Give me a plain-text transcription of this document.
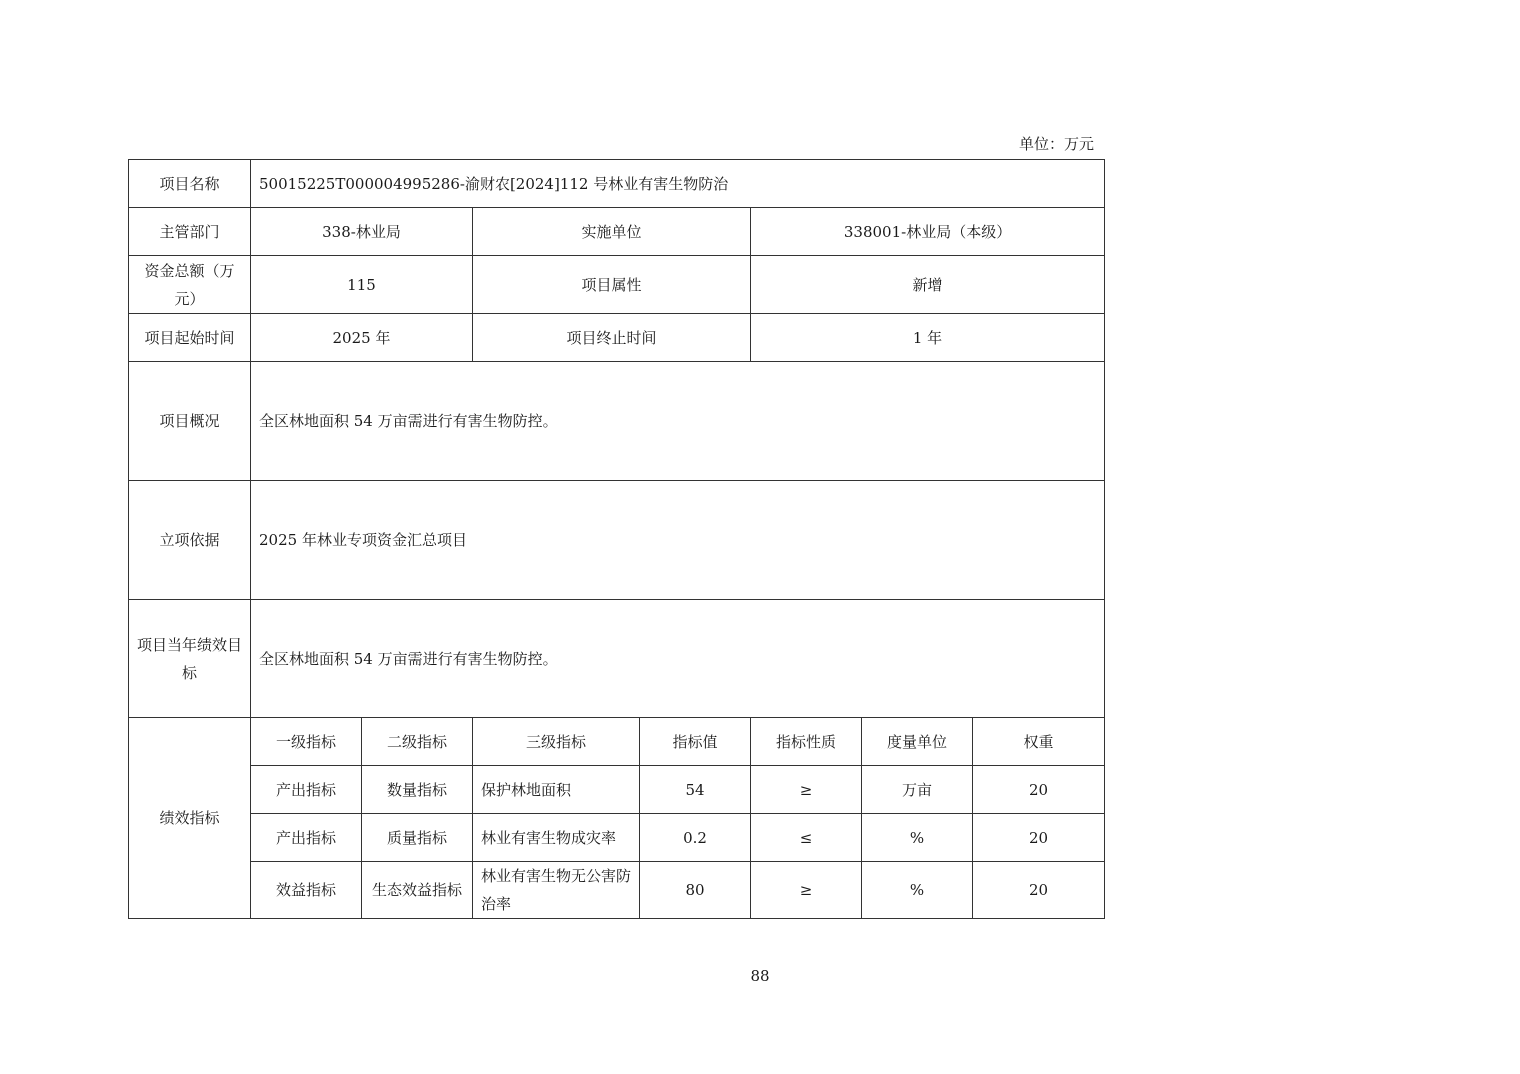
单位：万元
项目名称	50015225T000004995286-渝财农[2024]112 号林业有害生物防治						
主管部门	338-林业局		实施单位		338001-林业局（本级）		
资金总额（万元）	115		项目属性		新增		
项目起始时间	2025 年		项目终止时间		1 年		
项目概况	全区林地面积 54 万亩需进行有害生物防控。						
立项依据	2025 年林业专项资金汇总项目						
项目当年绩效目标	全区林地面积 54 万亩需进行有害生物防控。						
绩效指标	一级指标	二级指标	三级指标	指标值	指标性质	度量单位	权重
	产出指标	数量指标	保护林地面积	54	≥	万亩	20
	产出指标	质量指标	林业有害生物成灾率	0.2	≤	%	20
	效益指标	生态效益指标	林业有害生物无公害防治率	80	≥	%	20
88
